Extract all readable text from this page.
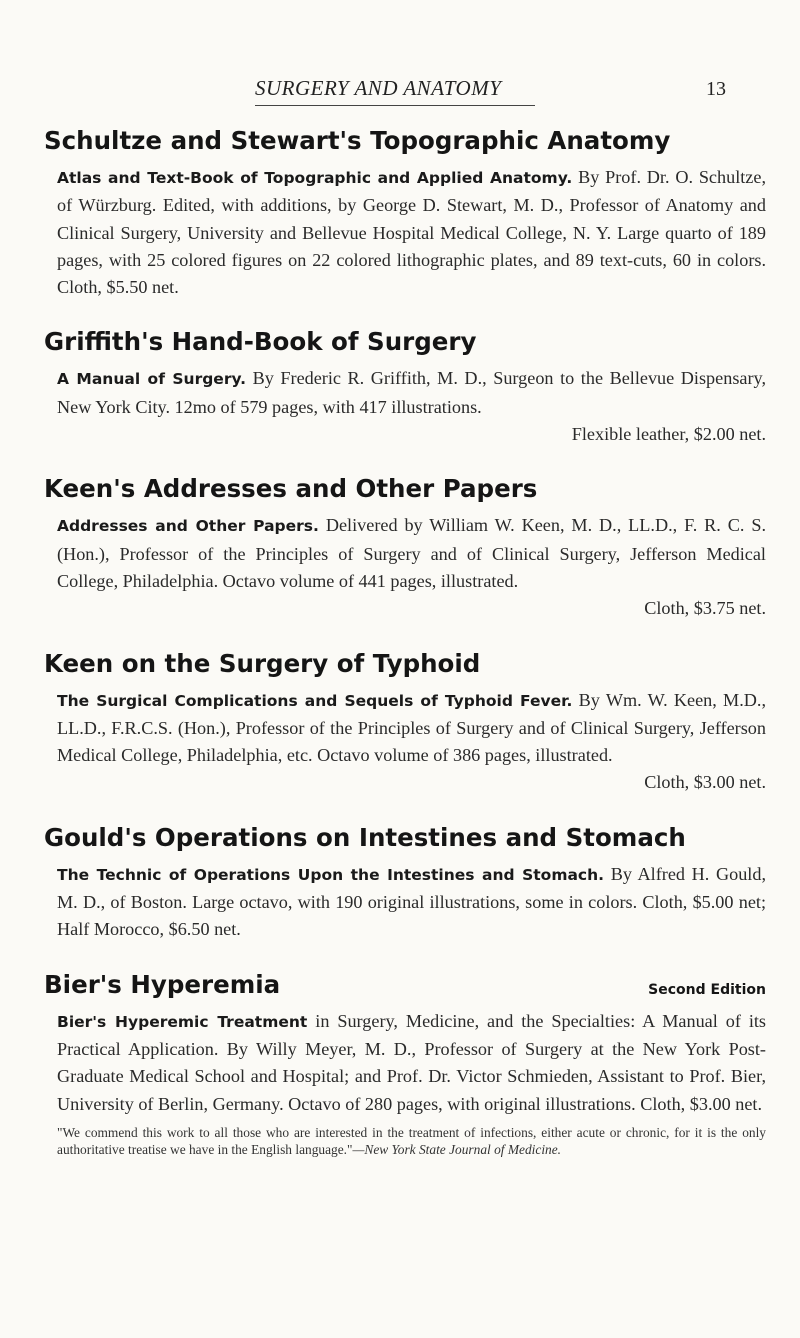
SURGERY AND ANATOMY	13
Schultze and Stewart's Topographic Anatomy

Atlas and Text-Book of Topographic and Applied Anatomy. By Prof. Dr. O. Schultze, of Würzburg. Edited, with additions, by George D. Stewart, M. D., Professor of Anatomy and Clinical Surgery, University and Bellevue Hospital Medical College, N. Y. Large quarto of 189 pages, with 25 colored figures on 22 colored lithographic plates, and 89 text-cuts, 60 in colors. Cloth, $5.50 net.

Griffith's Hand-Book of Surgery

A Manual of Surgery. By Frederic R. Griffith, M. D., Surgeon to the Bellevue Dispensary, New York City. 12mo of 579 pages, with 417 illustrations.
Flexible leather, $2.00 net.

Keen's Addresses and Other Papers

Addresses and Other Papers. Delivered by William W. Keen, M. D., LL.D., F. R. C. S. (Hon.), Professor of the Principles of Surgery and of Clinical Surgery, Jefferson Medical College, Philadelphia. Octavo volume of 441 pages, illustrated.
Cloth, $3.75 net.

Keen on the Surgery of Typhoid

The Surgical Complications and Sequels of Typhoid Fever. By Wm. W. Keen, M.D., LL.D., F.R.C.S. (Hon.), Professor of the Principles of Surgery and of Clinical Surgery, Jefferson Medical College, Philadelphia, etc. Octavo volume of 386 pages, illustrated.
Cloth, $3.00 net.

Gould's Operations on Intestines and Stomach

The Technic of Operations Upon the Intestines and Stomach. By Alfred H. Gould, M. D., of Boston. Large octavo, with 190 original illustrations, some in colors. Cloth, $5.00 net; Half Morocco, $6.50 net.

Bier's Hyperemia	Second Edition

Bier's Hyperemic Treatment in Surgery, Medicine, and the Specialties: A Manual of its Practical Application. By Willy Meyer, M. D., Professor of Surgery at the New York Post-Graduate Medical School and Hospital; and Prof. Dr. Victor Schmieden, Assistant to Prof. Bier, University of Berlin, Germany. Octavo of 280 pages, with original illustrations. Cloth, $3.00 net.

"We commend this work to all those who are interested in the treatment of infections, either acute or chronic, for it is the only authoritative treatise we have in the English language."—New York State Journal of Medicine.
